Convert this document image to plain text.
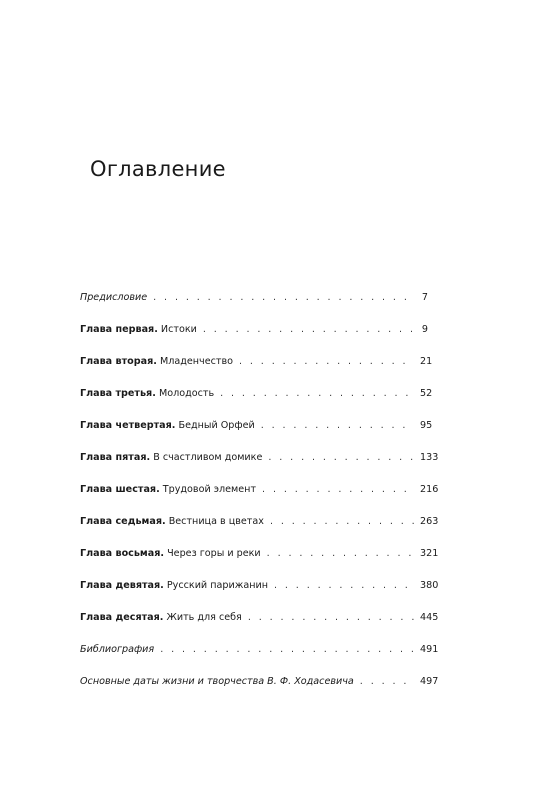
Оглавление
Предисловие . . .	7
Глава первая. Истоки . . .	9
Глава вторая. Младенчество . . .	21
Глава третья. Молодость . . .	52
Глава четвертая. Бедный Орфей . . .	95
Глава пятая. В счастливом домике . . .	133
Глава шестая. Трудовой элемент . . .	216
Глава седьмая. Вестница в цветах . . .	263
Глава восьмая. Через горы и реки . . .	321
Глава девятая. Русский парижанин . . .	380
Глава десятая. Жить для себя . . .	445
Библиография . . .	491
Основные даты жизни и творчества В. Ф. Ходасевича . . .	497
